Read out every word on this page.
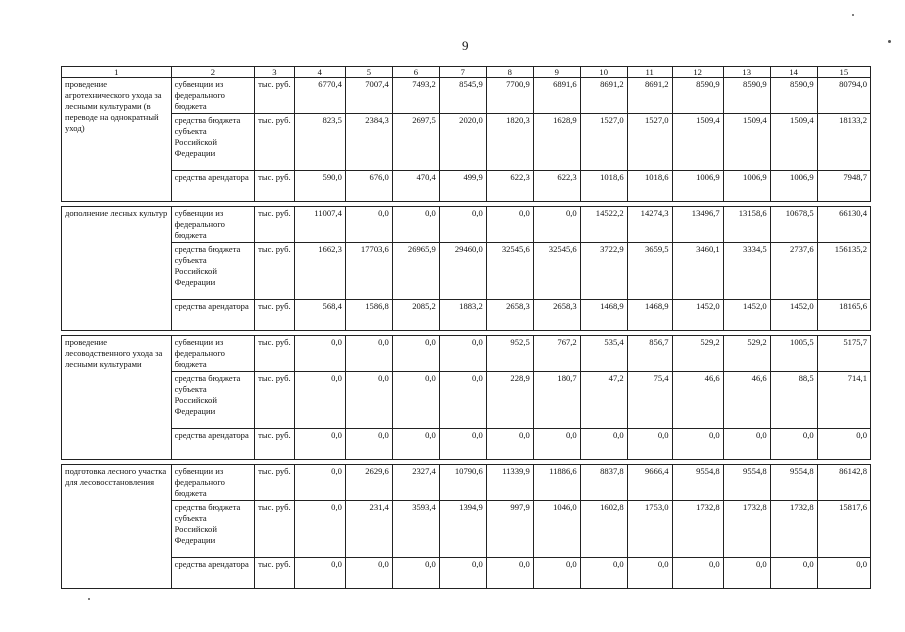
9
1	2	3	4	5	6	7	8	9	10	11	12	13	14	15
проведение агротехнического ухода за лесными культурами (в переводе на однократный уход)	субвенции из федерального бюджета	тыс. руб.	6770,4	7007,4	7493,2	8545,9	7700,9	6891,6	8691,2	8691,2	8590,9	8590,9	8590,9	80794,0
	средства бюджета субъекта Российской Федерации	тыс. руб.	823,5	2384,3	2697,5	2020,0	1820,3	1628,9	1527,0	1527,0	1509,4	1509,4	1509,4	18133,2
	средства арендатора	тыс. руб.	590,0	676,0	470,4	499,9	622,3	622,3	1018,6	1018,6	1006,9	1006,9	1006,9	7948,7

дополнение лесных культур	субвенции из федерального бюджета	тыс. руб.	11007,4	0,0	0,0	0,0	0,0	0,0	14522,2	14274,3	13496,7	13158,6	10678,5	66130,4
	средства бюджета субъекта Российской Федерации	тыс. руб.	1662,3	17703,6	26965,9	29460,0	32545,6	32545,6	3722,9	3659,5	3460,1	3334,5	2737,6	156135,2
	средства арендатора	тыс. руб.	568,4	1586,8	2085,2	1883,2	2658,3	2658,3	1468,9	1468,9	1452,0	1452,0	1452,0	18165,6

проведение лесоводственного ухода за лесными культурами	субвенции из федерального бюджета	тыс. руб.	0,0	0,0	0,0	0,0	952,5	767,2	535,4	856,7	529,2	529,2	1005,5	5175,7
	средства бюджета субъекта Российской Федерации	тыс. руб.	0,0	0,0	0,0	0,0	228,9	180,7	47,2	75,4	46,6	46,6	88,5	714,1
	средства арендатора	тыс. руб.	0,0	0,0	0,0	0,0	0,0	0,0	0,0	0,0	0,0	0,0	0,0	0,0

подготовка лесного участка для лесовосстановления	субвенции из федерального бюджета	тыс. руб.	0,0	2629,6	2327,4	10790,6	11339,9	11886,6	8837,8	9666,4	9554,8	9554,8	9554,8	86142,8
	средства бюджета субъекта Российской Федерации	тыс. руб.	0,0	231,4	3593,4	1394,9	997,9	1046,0	1602,8	1753,0	1732,8	1732,8	1732,8	15817,6
	средства арендатора	тыс. руб.	0,0	0,0	0,0	0,0	0,0	0,0	0,0	0,0	0,0	0,0	0,0	0,0
